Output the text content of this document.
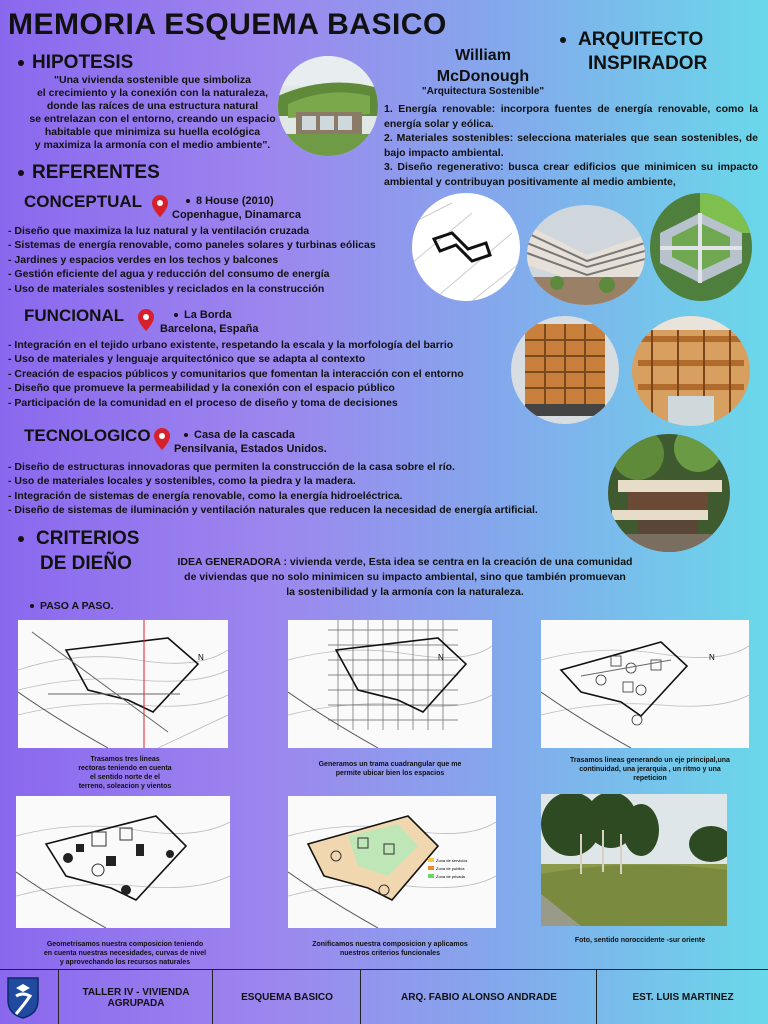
MEMORIA ESQUEMA BASICO
HIPOTESIS
"Una vivienda sostenible que simboliza
el crecimiento y la conexión con la naturaleza,
donde las raíces de una estructura natural
se entrelazan con el entorno, creando un espacio
habitable que minimiza su huella ecológica
y maximiza la armonía con el medio ambiente".
William
McDonough
"Arquitectura Sostenible"
ARQUITECTO
INSPIRADOR
1. Energía renovable: incorpora fuentes de energía renovable, como la energía solar y eólica.
2. Materiales sostenibles: selecciona materiales que sean sostenibles, de bajo impacto ambiental.
3. Diseño regenerativo: busca crear edificios que minimicen su impacto ambiental y contribuyan positivamente al medio ambiente,
REFERENTES
CONCEPTUAL	8 House (2010)
Copenhague, Dinamarca
- Diseño que maximiza la luz natural y la ventilación cruzada
- Sistemas de energía renovable, como paneles solares y turbinas eólicas
- Jardines y espacios verdes en los techos y balcones
- Gestión eficiente del agua y reducción del consumo de energía
- Uso de materiales sostenibles y reciclados en la construcción
FUNCIONAL	La Borda
Barcelona, España
- Integración en el tejido urbano existente, respetando la escala y la morfología del barrio
- Uso de materiales y lenguaje arquitectónico que se adapta al contexto
- Creación de espacios públicos y comunitarios que fomentan la interacción con el entorno
- Diseño que promueve la permeabilidad y la conexión con el espacio público
- Participación de la comunidad en el proceso de diseño y toma de decisiones
TECNOLOGICO	Casa de la cascada
Pensilvania, Estados Unidos.
- Diseño de estructuras innovadoras que permiten la construcción de la casa sobre el río.
- Uso de materiales locales y sostenibles, como la piedra y la madera.
- Integración de sistemas de energía renovable, como la energía hidroeléctrica.
- Diseño de sistemas de iluminación y ventilación naturales que reducen la necesidad de energía artificial.
CRITERIOS
DE DIEÑO	IDEA GENERADORA : vivienda verde, Esta idea se centra en la creación de una comunidad
de viviendas que no solo minimicen su impacto ambiental, sino que también promuevan
la sostenibilidad y la armonía con la naturaleza.
PASO A PASO.
N	N	N
Trasamos tres lineas
rectoras teniendo en cuenta
el sentido norte de el
terreno, soleacion y vientos
Generamos un trama cuadrangular que me
permite ubicar bien los espacios
Trasamos lineas generando un eje principal,una
continuidad, una jerarquia , un ritmo y una
repeticion
Zona de servicios
Zona de publica
Zona de privada
Geometrisamos nuestra composicion teniendo
en cuenta nuestras necesidades, curvas de nivel
y aprovechando los recursos naturales
Zonificamos nuestra composicion y aplicamos
nuestros criterios funcionales
Foto, sentido noroccidente -sur oriente
TALLER IV - VIVIENDA
AGRUPADA	ESQUEMA BASICO	ARQ. FABIO ALONSO ANDRADE	EST. LUIS MARTINEZ
